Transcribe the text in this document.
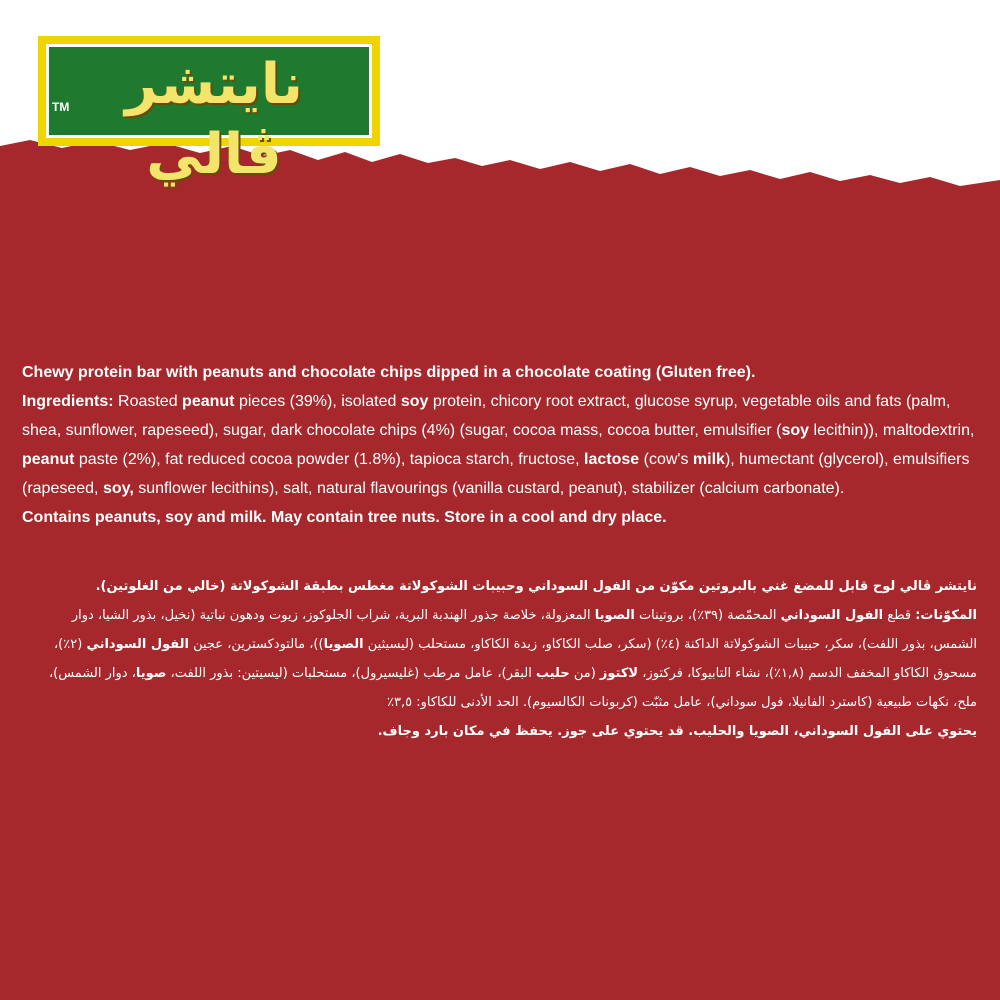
نايتشر ڤالي
TM

Chewy protein bar with peanuts and chocolate chips dipped in a chocolate coating (Gluten free).

Ingredients: Roasted peanut pieces (39%), isolated soy protein, chicory root extract, glucose syrup, vegetable oils and fats (palm, shea, sunflower, rapeseed), sugar, dark chocolate chips (4%) (sugar, cocoa mass, cocoa butter, emulsifier (soy lecithin)), maltodextrin, peanut paste (2%), fat reduced cocoa powder (1.8%), tapioca starch, fructose, lactose (cow's milk), humectant (glycerol), emulsifiers (rapeseed, soy, sunflower lecithins), salt, natural flavourings (vanilla custard, peanut), stabilizer (calcium carbonate).

Contains peanuts, soy and milk. May contain tree nuts. Store in a cool and dry place.

نايتشر ڤالي لوح قابل للمضغ غني بالبروتين مكوّن من الفول السوداني وحبيبات الشوكولاتة مغطس بطبقة الشوكولاتة (خالي من الغلوتين).

المكوّنات: قطع الفول السوداني المحمّصة (٣٩٪)، بروتينات الصويا المعزولة، خلاصة جذور الهندبة البرية، شراب الجلوكوز، زيوت ودهون نباتية (نخيل، بذور الشيا، دوار الشمس، بذور اللفت)، سكر، حبيبات الشوكولاتة الداكنة (٤٪) (سكر، صلب الكاكاو، زبدة الكاكاو، مستحلب (ليسيثين الصويا))، مالتودكسترين، عجين الفول السوداني (٢٪)، مسحوق الكاكاو المخفف الدسم (١,٨٪)، نشاء التابيوكا، فركتوز، لاكتوز (من حليب البقر)، عامل مرطب (غليسيرول)، مستحلبات (ليسيتين: بذور اللفت، صويا، دوار الشمس)، ملح، نكهات طبيعية (كاسترد الفانيلا، فول سوداني)، عامل مثبّت (كربونات الكالسيوم). الحد الأدنى للكاكاو: ٣,٥٪

يحتوي على الفول السوداني، الصويا والحليب. قد يحتوي على جوز. يحفظ في مكان بارد وجاف.
